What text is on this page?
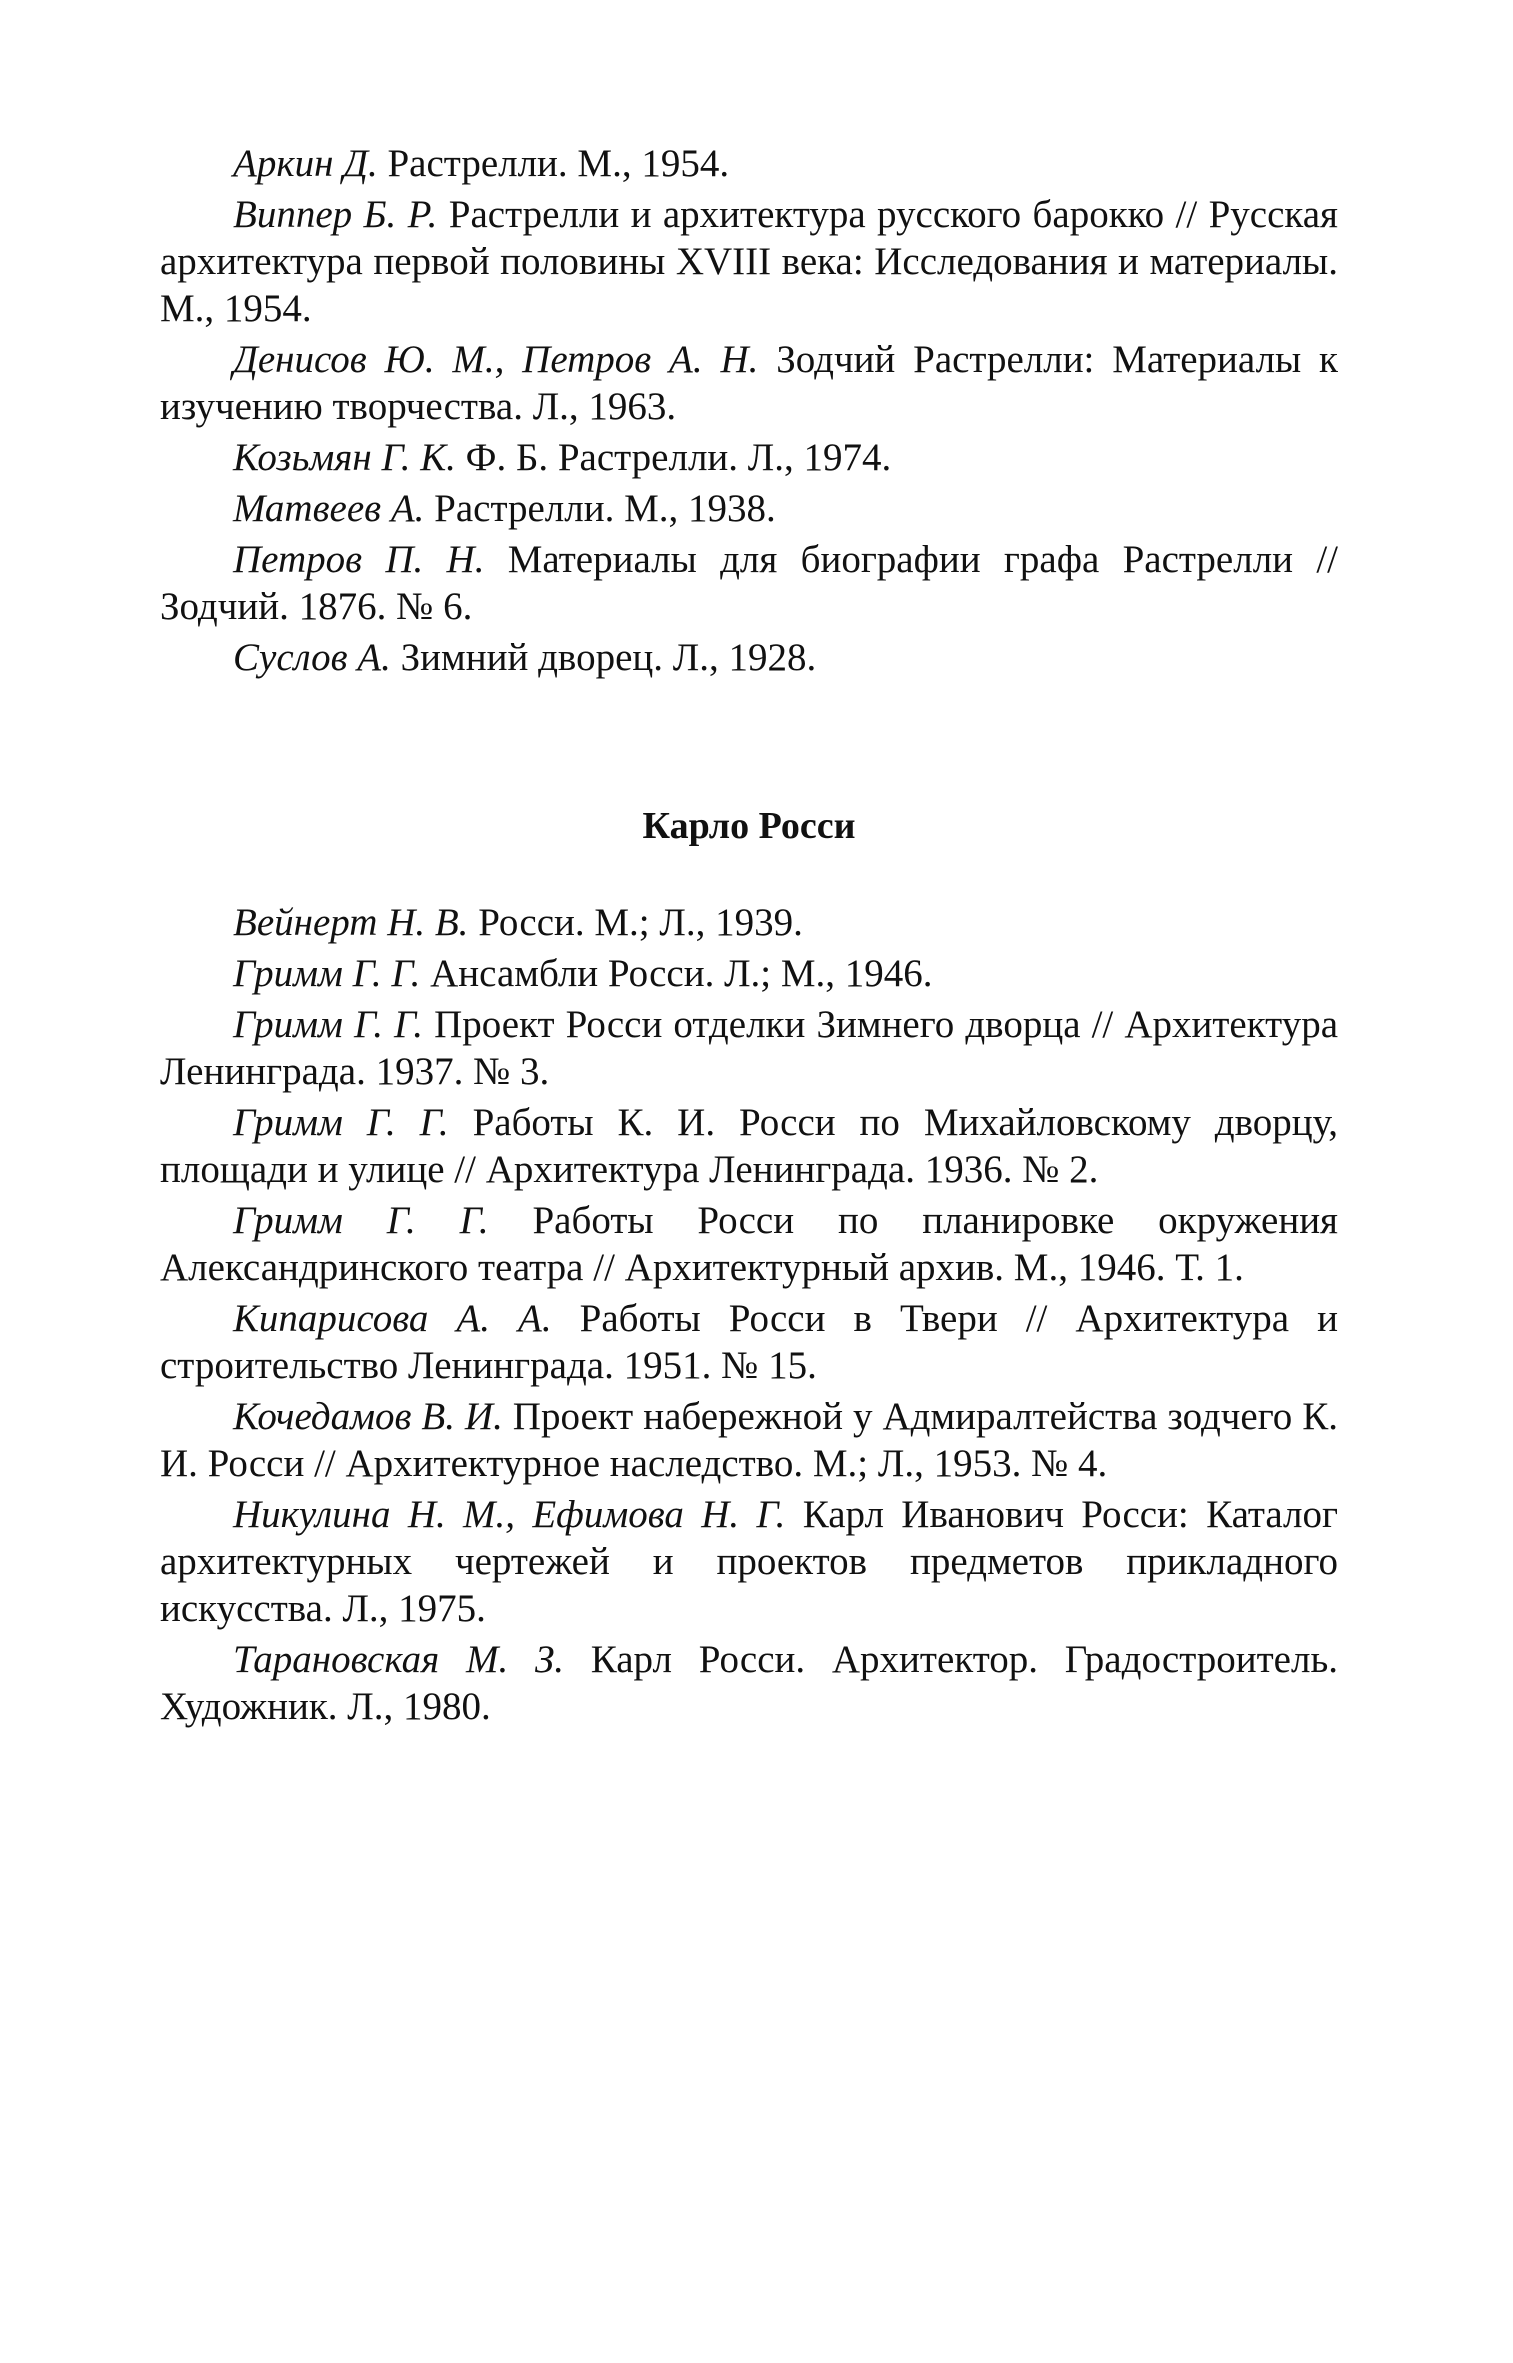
Аркин Д. Растрелли. М., 1954.

Виппер Б. Р. Растрелли и архитектура русского барокко // Русская архитектура первой половины XVIII века: Исследования и материалы. М., 1954.

Денисов Ю. М., Петров А. Н. Зодчий Растрелли: Материалы к изучению творчества. Л., 1963.

Козьмян Г. К. Ф. Б. Растрелли. Л., 1974.

Матвеев А. Растрелли. М., 1938.

Петров П. Н. Материалы для биографии графа Растрелли // Зодчий. 1876. № 6.

Суслов А. Зимний дворец. Л., 1928.

Карло Росси

Вейнерт Н. В. Росси. М.; Л., 1939.

Гримм Г. Г. Ансамбли Росси. Л.; М., 1946.

Гримм Г. Г. Проект Росси отделки Зимнего дворца // Архитектура Ленинграда. 1937. № 3.

Гримм Г. Г. Работы К. И. Росси по Михайловскому дворцу, площади и улице // Архитектура Ленинграда. 1936. № 2.

Гримм Г. Г. Работы Росси по планировке окружения Александринского театра // Архитектурный архив. М., 1946. Т. 1.

Кипарисова А. А. Работы Росси в Твери // Архитектура и строительство Ленинграда. 1951. № 15.

Кочедамов В. И. Проект набережной у Адмиралтейства зодчего К. И. Росси // Архитектурное наследство. М.; Л., 1953. № 4.

Никулина Н. М., Ефимова Н. Г. Карл Иванович Росси: Каталог архитектурных чертежей и проектов предметов прикладного искусства. Л., 1975.

Тарановская М. З. Карл Росси. Архитектор. Градостроитель. Художник. Л., 1980.
